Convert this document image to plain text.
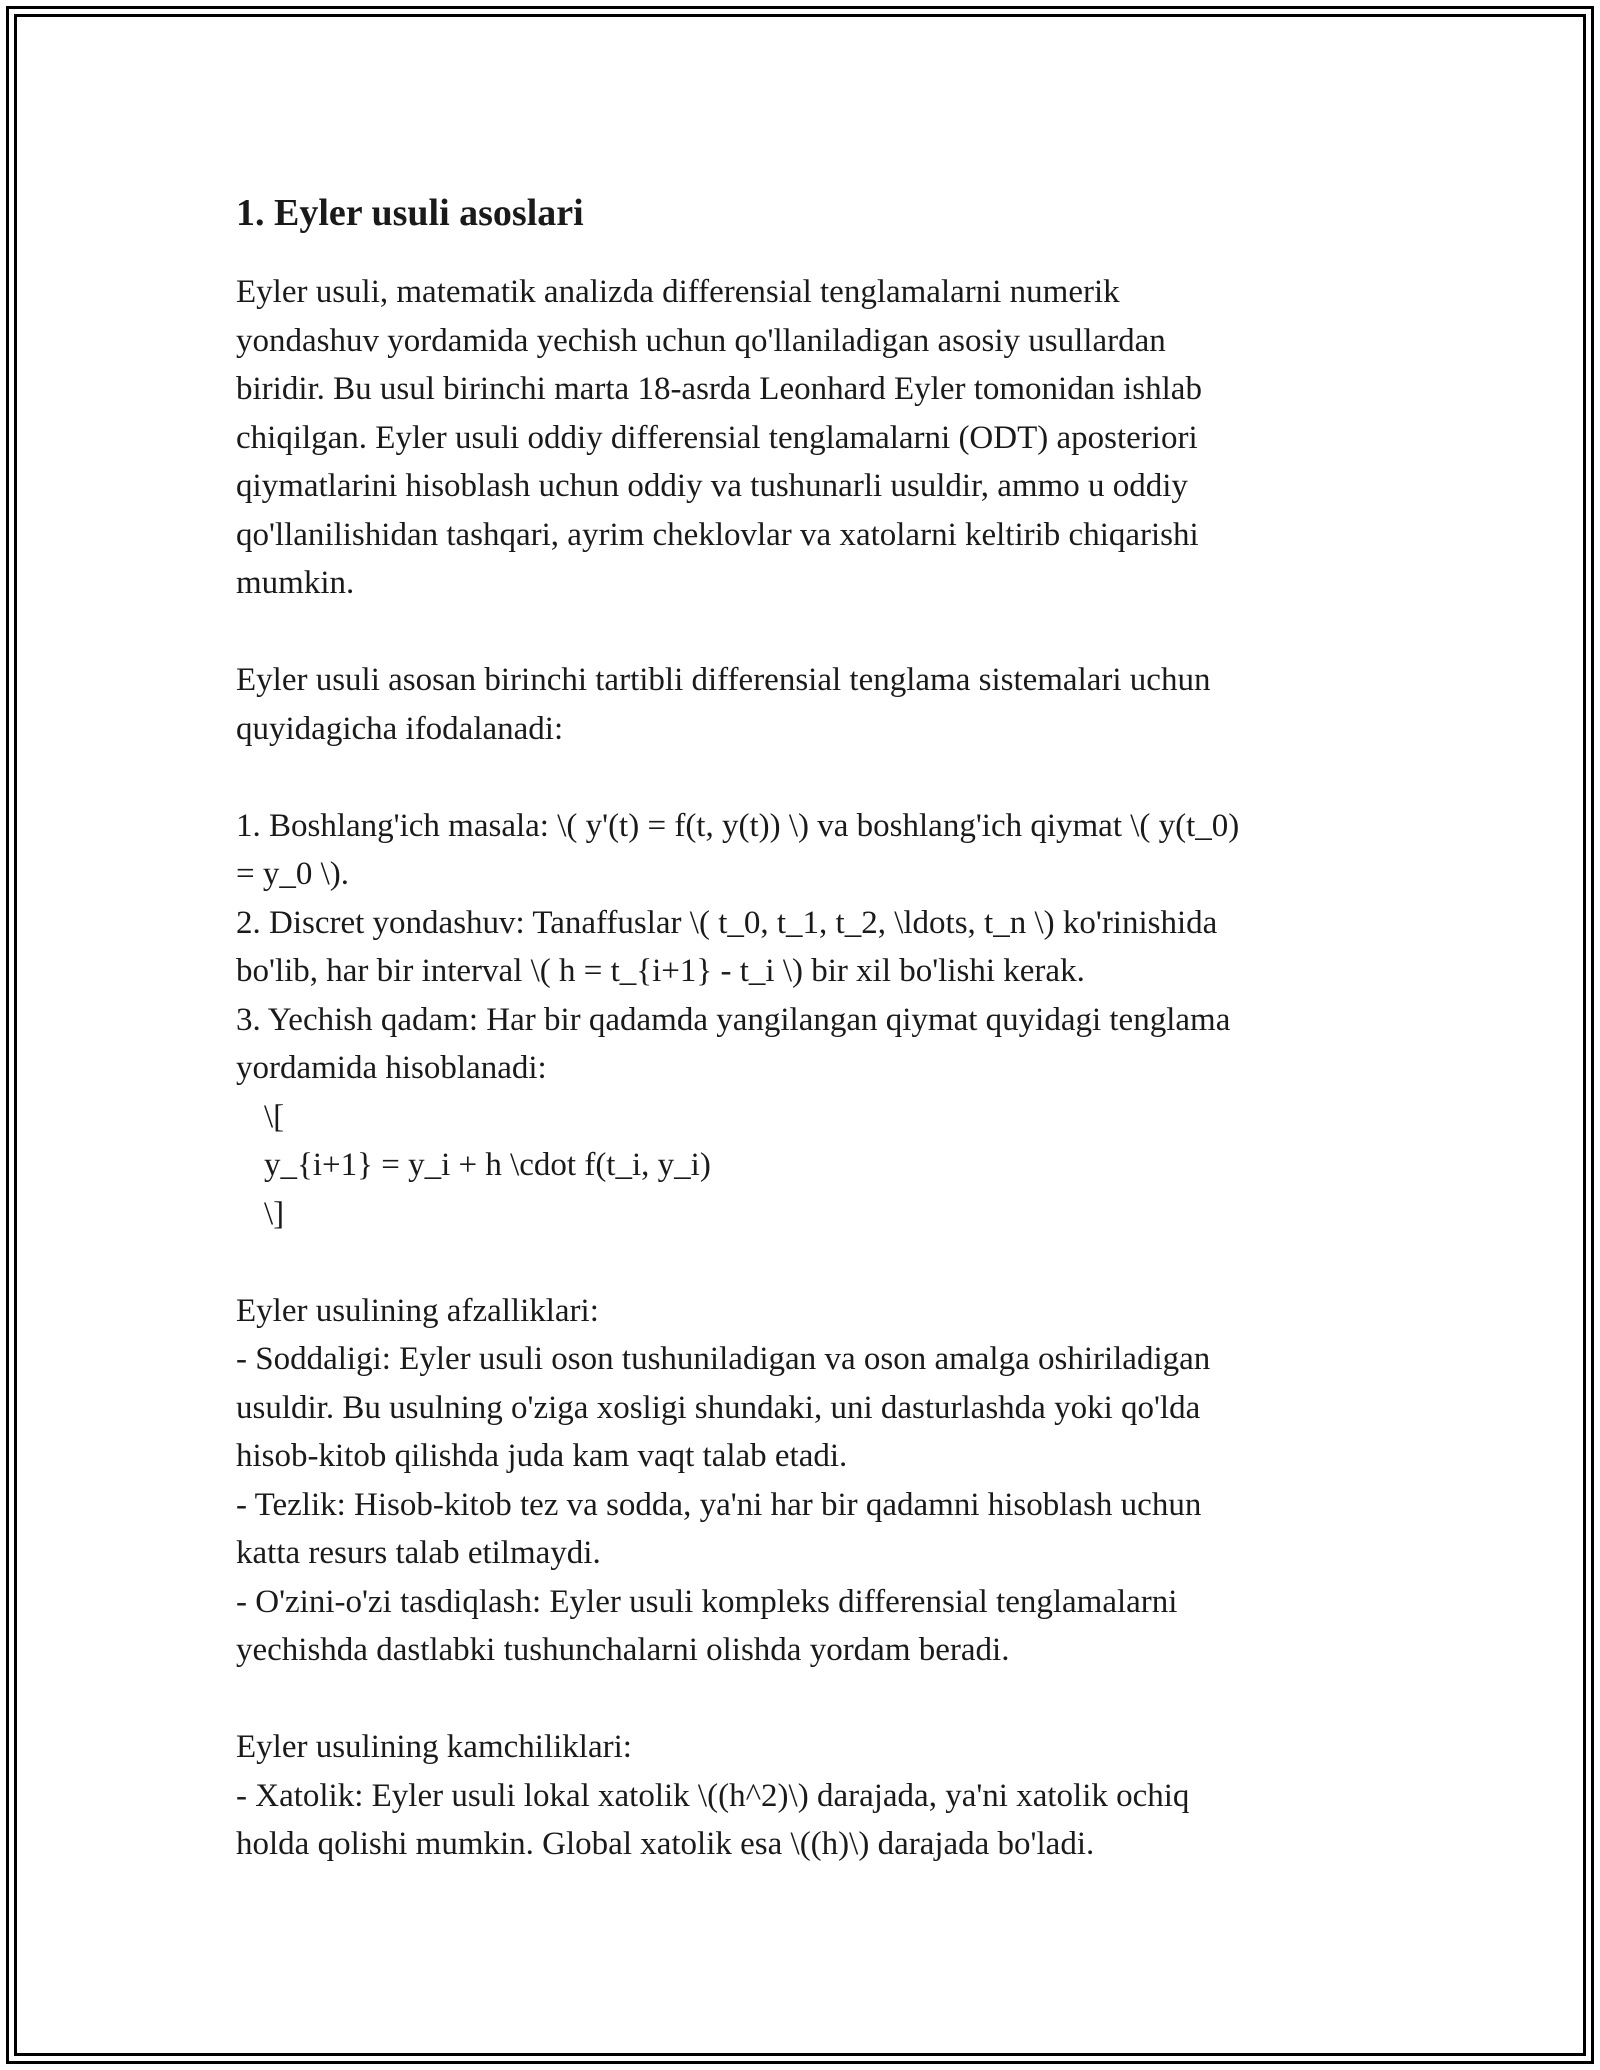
1. Eyler usuli asoslari
Eyler usuli, matematik analizda differensial tenglamalarni numerik
yondashuv yordamida yechish uchun qo'llaniladigan asosiy usullardan
biridir. Bu usul birinchi marta 18-asrda Leonhard Eyler tomonidan ishlab
chiqilgan. Eyler usuli oddiy differensial tenglamalarni (ODT) aposteriori
qiymatlarini hisoblash uchun oddiy va tushunarli usuldir, ammo u oddiy
qo'llanilishidan tashqari, ayrim cheklovlar va xatolarni keltirib chiqarishi
mumkin.
Eyler usuli asosan birinchi tartibli differensial tenglama sistemalari uchun
quyidagicha ifodalanadi:
1. Boshlang'ich masala: \( y'(t) = f(t, y(t)) \) va boshlang'ich qiymat \( y(t_0)
= y_0 \).
2. Discret yondashuv: Tanaffuslar \( t_0, t_1, t_2, \ldots, t_n \) ko'rinishida
bo'lib, har bir interval \( h = t_{i+1} - t_i \) bir xil bo'lishi kerak.
3. Yechish qadam: Har bir qadamda yangilangan qiymat quyidagi tenglama
yordamida hisoblanadi:
\[
y_{i+1} = y_i + h \cdot f(t_i, y_i)
\]
Eyler usulining afzalliklari:
- Soddaligi: Eyler usuli oson tushuniladigan va oson amalga oshiriladigan
usuldir. Bu usulning o'ziga xosligi shundaki, uni dasturlashda yoki qo'lda
hisob-kitob qilishda juda kam vaqt talab etadi.
- Tezlik: Hisob-kitob tez va sodda, ya'ni har bir qadamni hisoblash uchun
katta resurs talab etilmaydi.
- O'zini-o'zi tasdiqlash: Eyler usuli kompleks differensial tenglamalarni
yechishda dastlabki tushunchalarni olishda yordam beradi.
Eyler usulining kamchiliklari:
- Xatolik: Eyler usuli lokal xatolik \((h^2)\) darajada, ya'ni xatolik ochiq
holda qolishi mumkin. Global xatolik esa \((h)\) darajada bo'ladi.
